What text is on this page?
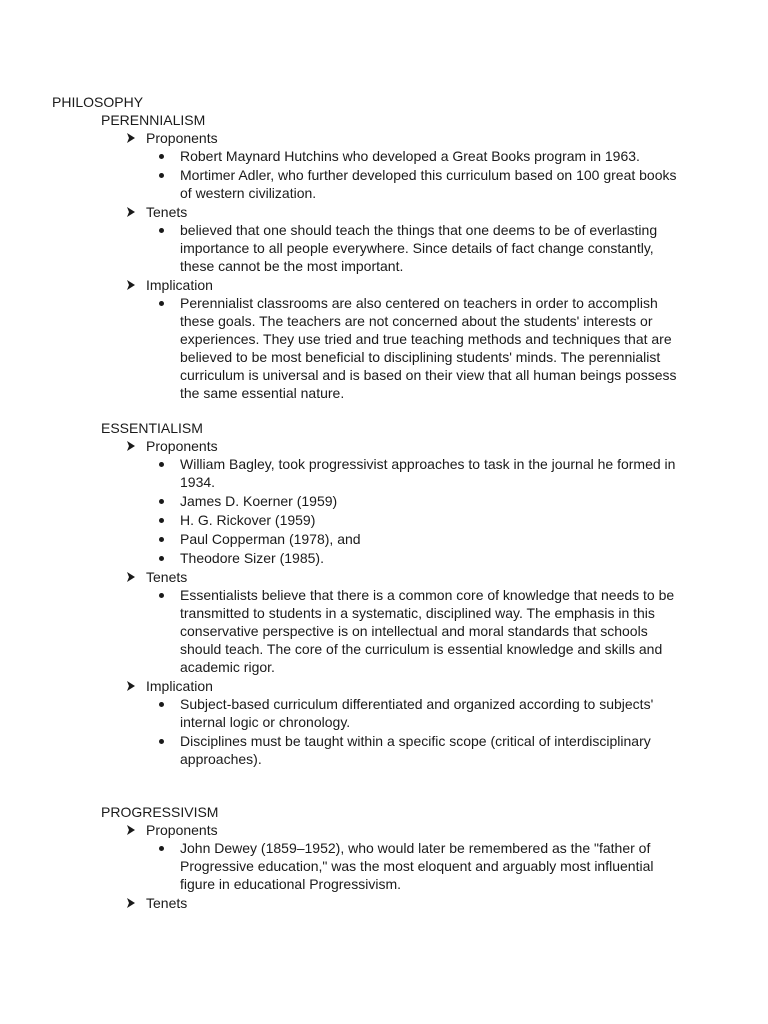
PHILOSOPHY
PERENNIALISM
Proponents
Robert Maynard Hutchins who developed a Great Books program in 1963.
Mortimer Adler, who further developed this curriculum based on 100 great books of western civilization.
Tenets
believed that one should teach the things that one deems to be of everlasting importance to all people everywhere. Since details of fact change constantly, these cannot be the most important.
Implication
Perennialist classrooms are also centered on teachers in order to accomplish these goals. The teachers are not concerned about the students' interests or experiences. They use tried and true teaching methods and techniques that are believed to be most beneficial to disciplining students' minds. The perennialist curriculum is universal and is based on their view that all human beings possess the same essential nature.
ESSENTIALISM
Proponents
William Bagley, took progressivist approaches to task in the journal he formed in 1934.
James D. Koerner (1959)
H. G. Rickover (1959)
Paul Copperman (1978), and
Theodore Sizer (1985).
Tenets
Essentialists believe that there is a common core of knowledge that needs to be transmitted to students in a systematic, disciplined way. The emphasis in this conservative perspective is on intellectual and moral standards that schools should teach. The core of the curriculum is essential knowledge and skills and academic rigor.
Implication
Subject-based curriculum differentiated and organized according to subjects' internal logic or chronology.
Disciplines must be taught within a specific scope (critical of interdisciplinary approaches).
PROGRESSIVISM
Proponents
John Dewey (1859–1952), who would later be remembered as the "father of Progressive education," was the most eloquent and arguably most influential figure in educational Progressivism.
Tenets
